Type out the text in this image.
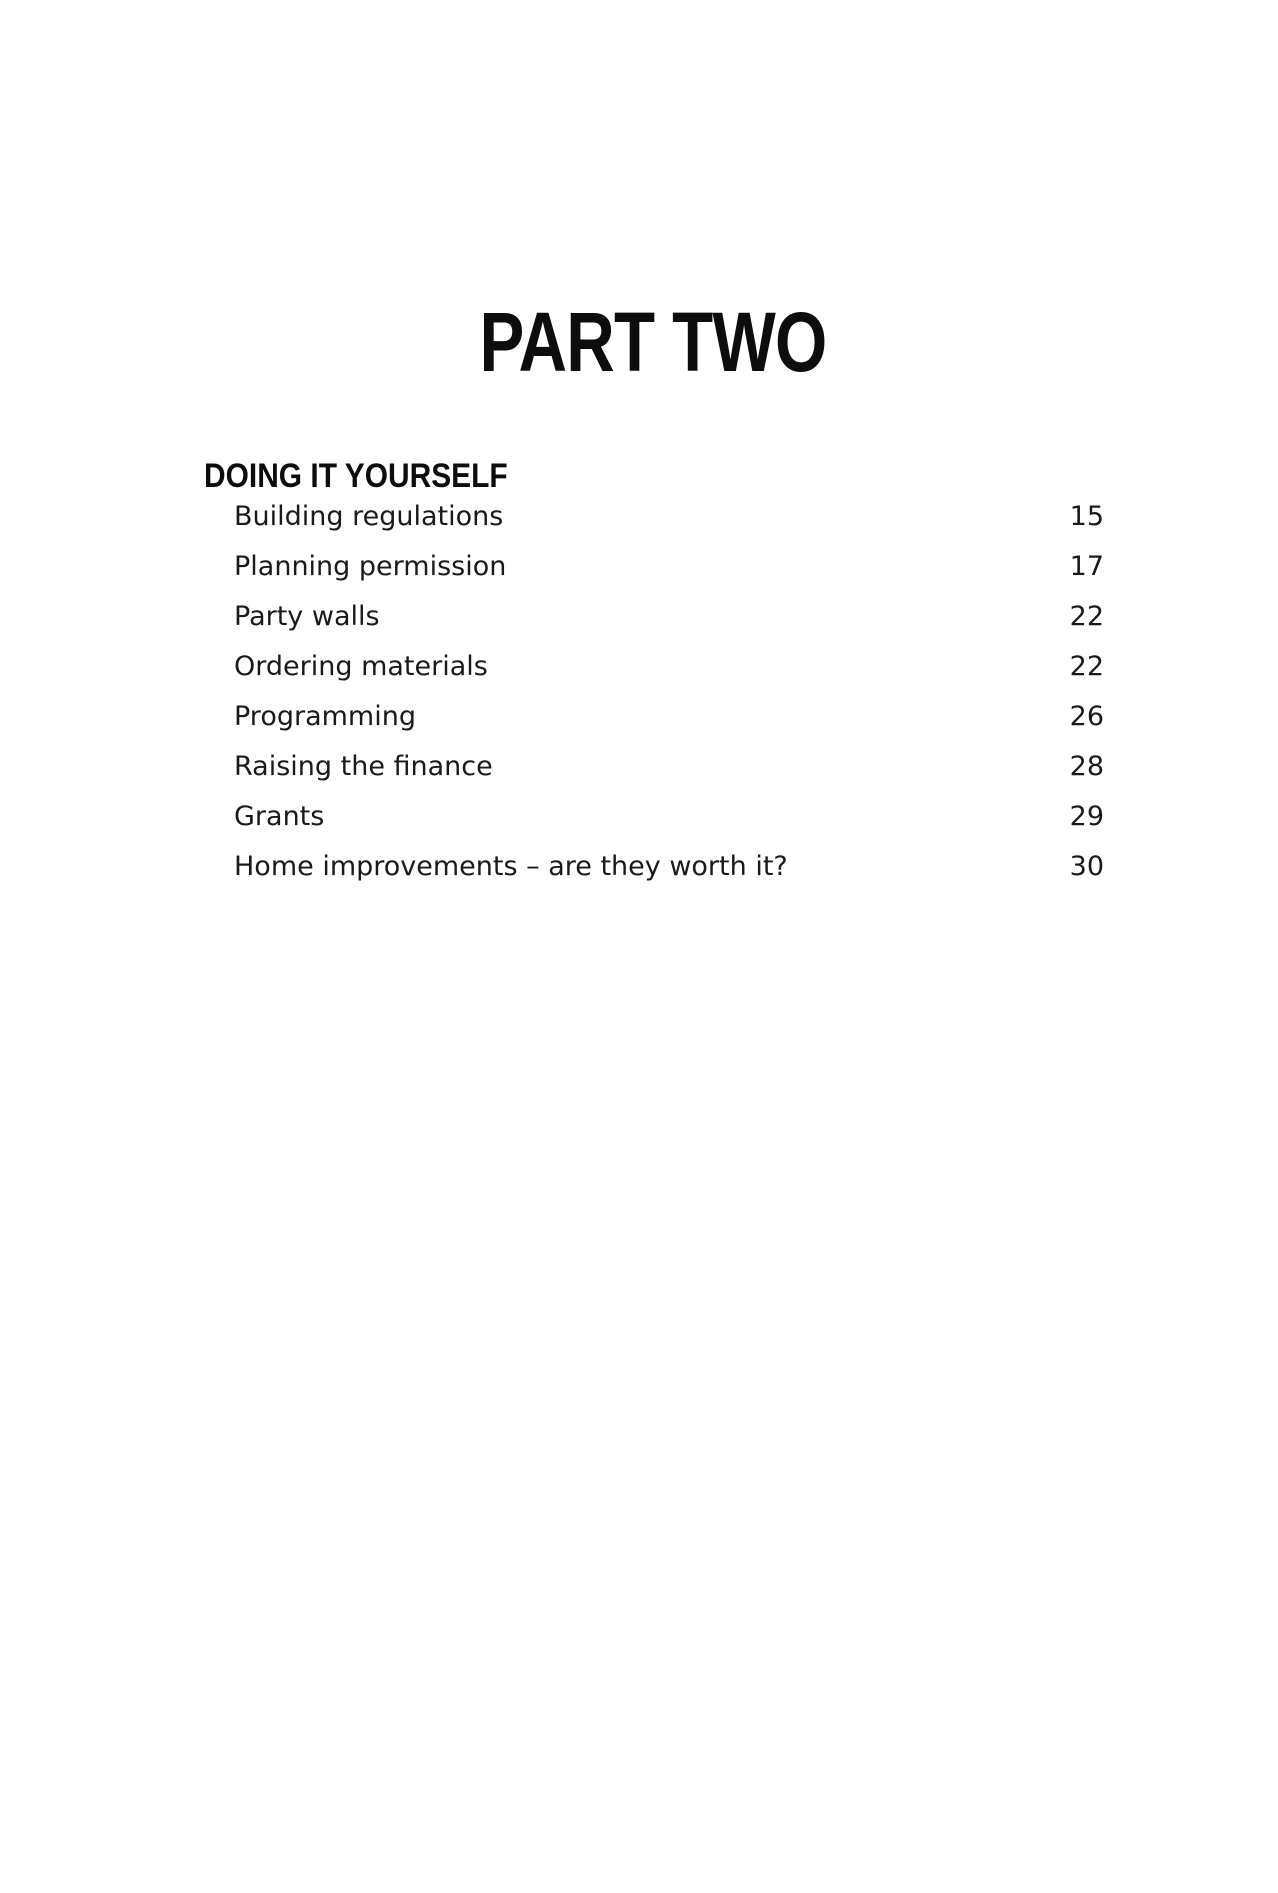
PART TWO
DOING IT YOURSELF
Building regulations	15
Planning permission	17
Party walls	22
Ordering materials	22
Programming	26
Raising the finance	28
Grants	29
Home improvements – are they worth it?	30
